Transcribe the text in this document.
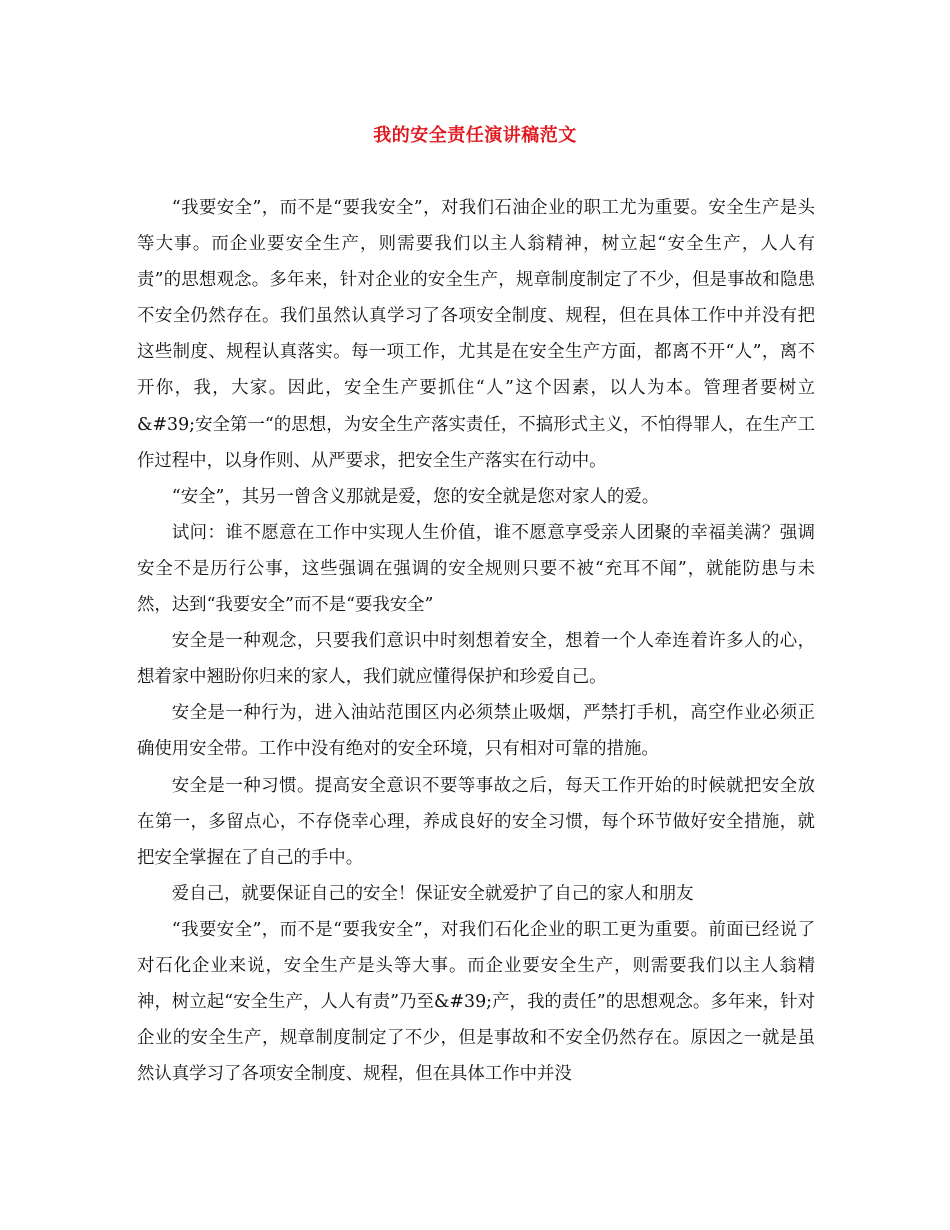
我的安全责任演讲稿范文

“我要安全”，而不是“要我安全”，对我们石油企业的职工尤为重要。安全生产是头等大事。而企业要安全生产，则需要我们以主人翁精神，树立起“安全生产，人人有责”的思想观念。多年来，针对企业的安全生产，规章制度制定了不少，但是事故和隐患不安全仍然存在。我们虽然认真学习了各项安全制度、规程，但在具体工作中并没有把这些制度、规程认真落实。每一项工作，尤其是在安全生产方面，都离不开“人”，离不开你，我，大家。因此，安全生产要抓住“人”这个因素，以人为本。管理者要树立&#39;安全第一“的思想，为安全生产落实责任，不搞形式主义，不怕得罪人，在生产工作过程中，以身作则、从严要求，把安全生产落实在行动中。

“安全”，其另一曾含义那就是爱，您的安全就是您对家人的爱。

试问：谁不愿意在工作中实现人生价值，谁不愿意享受亲人团聚的幸福美满？强调安全不是历行公事，这些强调在强调的安全规则只要不被“充耳不闻”，就能防患与未然，达到“我要安全”而不是“要我安全”

安全是一种观念，只要我们意识中时刻想着安全，想着一个人牵连着许多人的心，想着家中翘盼你归来的家人，我们就应懂得保护和珍爱自己。

安全是一种行为，进入油站范围区内必须禁止吸烟，严禁打手机，高空作业必须正确使用安全带。工作中没有绝对的安全环境，只有相对可靠的措施。

安全是一种习惯。提高安全意识不要等事故之后，每天工作开始的时候就把安全放在第一，多留点心，不存侥幸心理，养成良好的安全习惯，每个环节做好安全措施，就把安全掌握在了自己的手中。

爱自己，就要保证自己的安全！保证安全就爱护了自己的家人和朋友

“我要安全”，而不是“要我安全”，对我们石化企业的职工更为重要。前面已经说了对石化企业来说，安全生产是头等大事。而企业要安全生产，则需要我们以主人翁精神，树立起“安全生产，人人有责”乃至&#39;产，我的责任”的思想观念。多年来，针对企业的安全生产，规章制度制定了不少，但是事故和不安全仍然存在。原因之一就是虽然认真学习了各项安全制度、规程，但在具体工作中并没
